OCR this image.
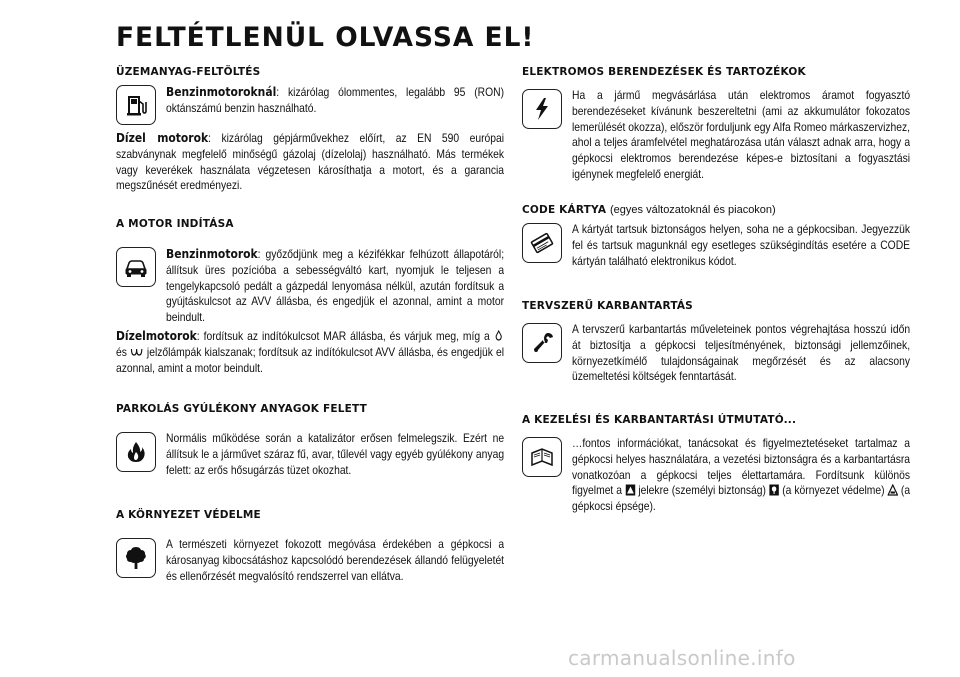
FELTÉTLENÜL OLVASSA EL!
ÜZEMANYAG-FELTÖLTÉS

Benzinmotoroknál: kizárólag ólommentes, legalább 95 (RON) oktánszámú benzin használható.

Dízel motorok: kizárólag gépjárművekhez előírt, az EN 590 európai szabványnak megfelelő minőségű gázolaj (dízelolaj) használható. Más termékek vagy keverékek használata végzetesen károsíthatja a motort, és a garancia megszűnését eredményezi.

A MOTOR INDÍTÁSA

Benzinmotorok: győződjünk meg a kézifékkar felhúzott állapotáról; állítsuk üres pozícióba a sebességváltó kart, nyomjuk le teljesen a tengelykapcsoló pedált a gázpedál lenyomása nélkül, azután fordítsuk a gyújtáskulcsot az AVV állásba, és engedjük el azonnal, amint a motor beindult.

Dízelmotorok: fordítsuk az indítókulcsot MAR állásba, és várjuk meg, míg a  és jelzőlámpák kialszanak; fordítsuk az indítókulcsot AVV állásba, és engedjük el azonnal, amint a motor beindult.

PARKOLÁS GYÚLÉKONY ANYAGOK FELETT

Normális működése során a katalizátor erősen felmelegszik. Ezért ne állítsuk le a járművet száraz fű, avar, tűlevél vagy egyéb gyúlékony anyag felett: az erős hősugárzás tüzet okozhat.

A KÖRNYEZET VÉDELME

A természeti környezet fokozott megóvása érdekében a gépkocsi a károsanyag kibocsátáshoz kapcsolódó berendezések állandó felügyeletét és ellenőrzését megvalósító rendszerrel van ellátva.

ELEKTROMOS BERENDEZÉSEK ÉS TARTOZÉKOK

Ha a jármű megvásárlása után elektromos áramot fogyasztó berendezéseket kívánunk beszereltetni (ami az akkumulátor fokozatos lemerülését okozza), először forduljunk egy Alfa Romeo márkaszervizhez, ahol a teljes áramfelvétel meghatározása után választ adnak arra, hogy a gépkocsi elektromos berendezése képes-e biztosítani a fogyasztási igénynek megfelelő energiát.

CODE KÁRTYA (egyes változatoknál és piacokon)

A kártyát tartsuk biztonságos helyen, soha ne a gépkocsiban. Jegyezzük fel és tartsuk magunknál egy esetleges szükségindítás esetére a CODE kártyán található elektronikus kódot.

TERVSZERŰ KARBANTARTÁS

A tervszerű karbantartás műveleteinek pontos végrehajtása hosszú időn át biztosítja a gépkocsi teljesítményének, biztonsági jellemzőinek, környezetkímélő tulajdonságainak megőrzését és az alacsony üzemeltetési költségek fenntartását.

A KEZELÉSI ÉS KARBANTARTÁSI ÚTMUTATÓ...

…fontos információkat, tanácsokat és figyelmeztetéseket tartalmaz a gépkocsi helyes használatára, a vezetési biztonságra és a karbantartásra vonatkozóan a gépkocsi teljes élettartamára. Fordítsunk különös figyelmet a jelekre (személyi biztonság) (a környezet védelme) (a gépkocsi épsége).

carmanualsonline.info
